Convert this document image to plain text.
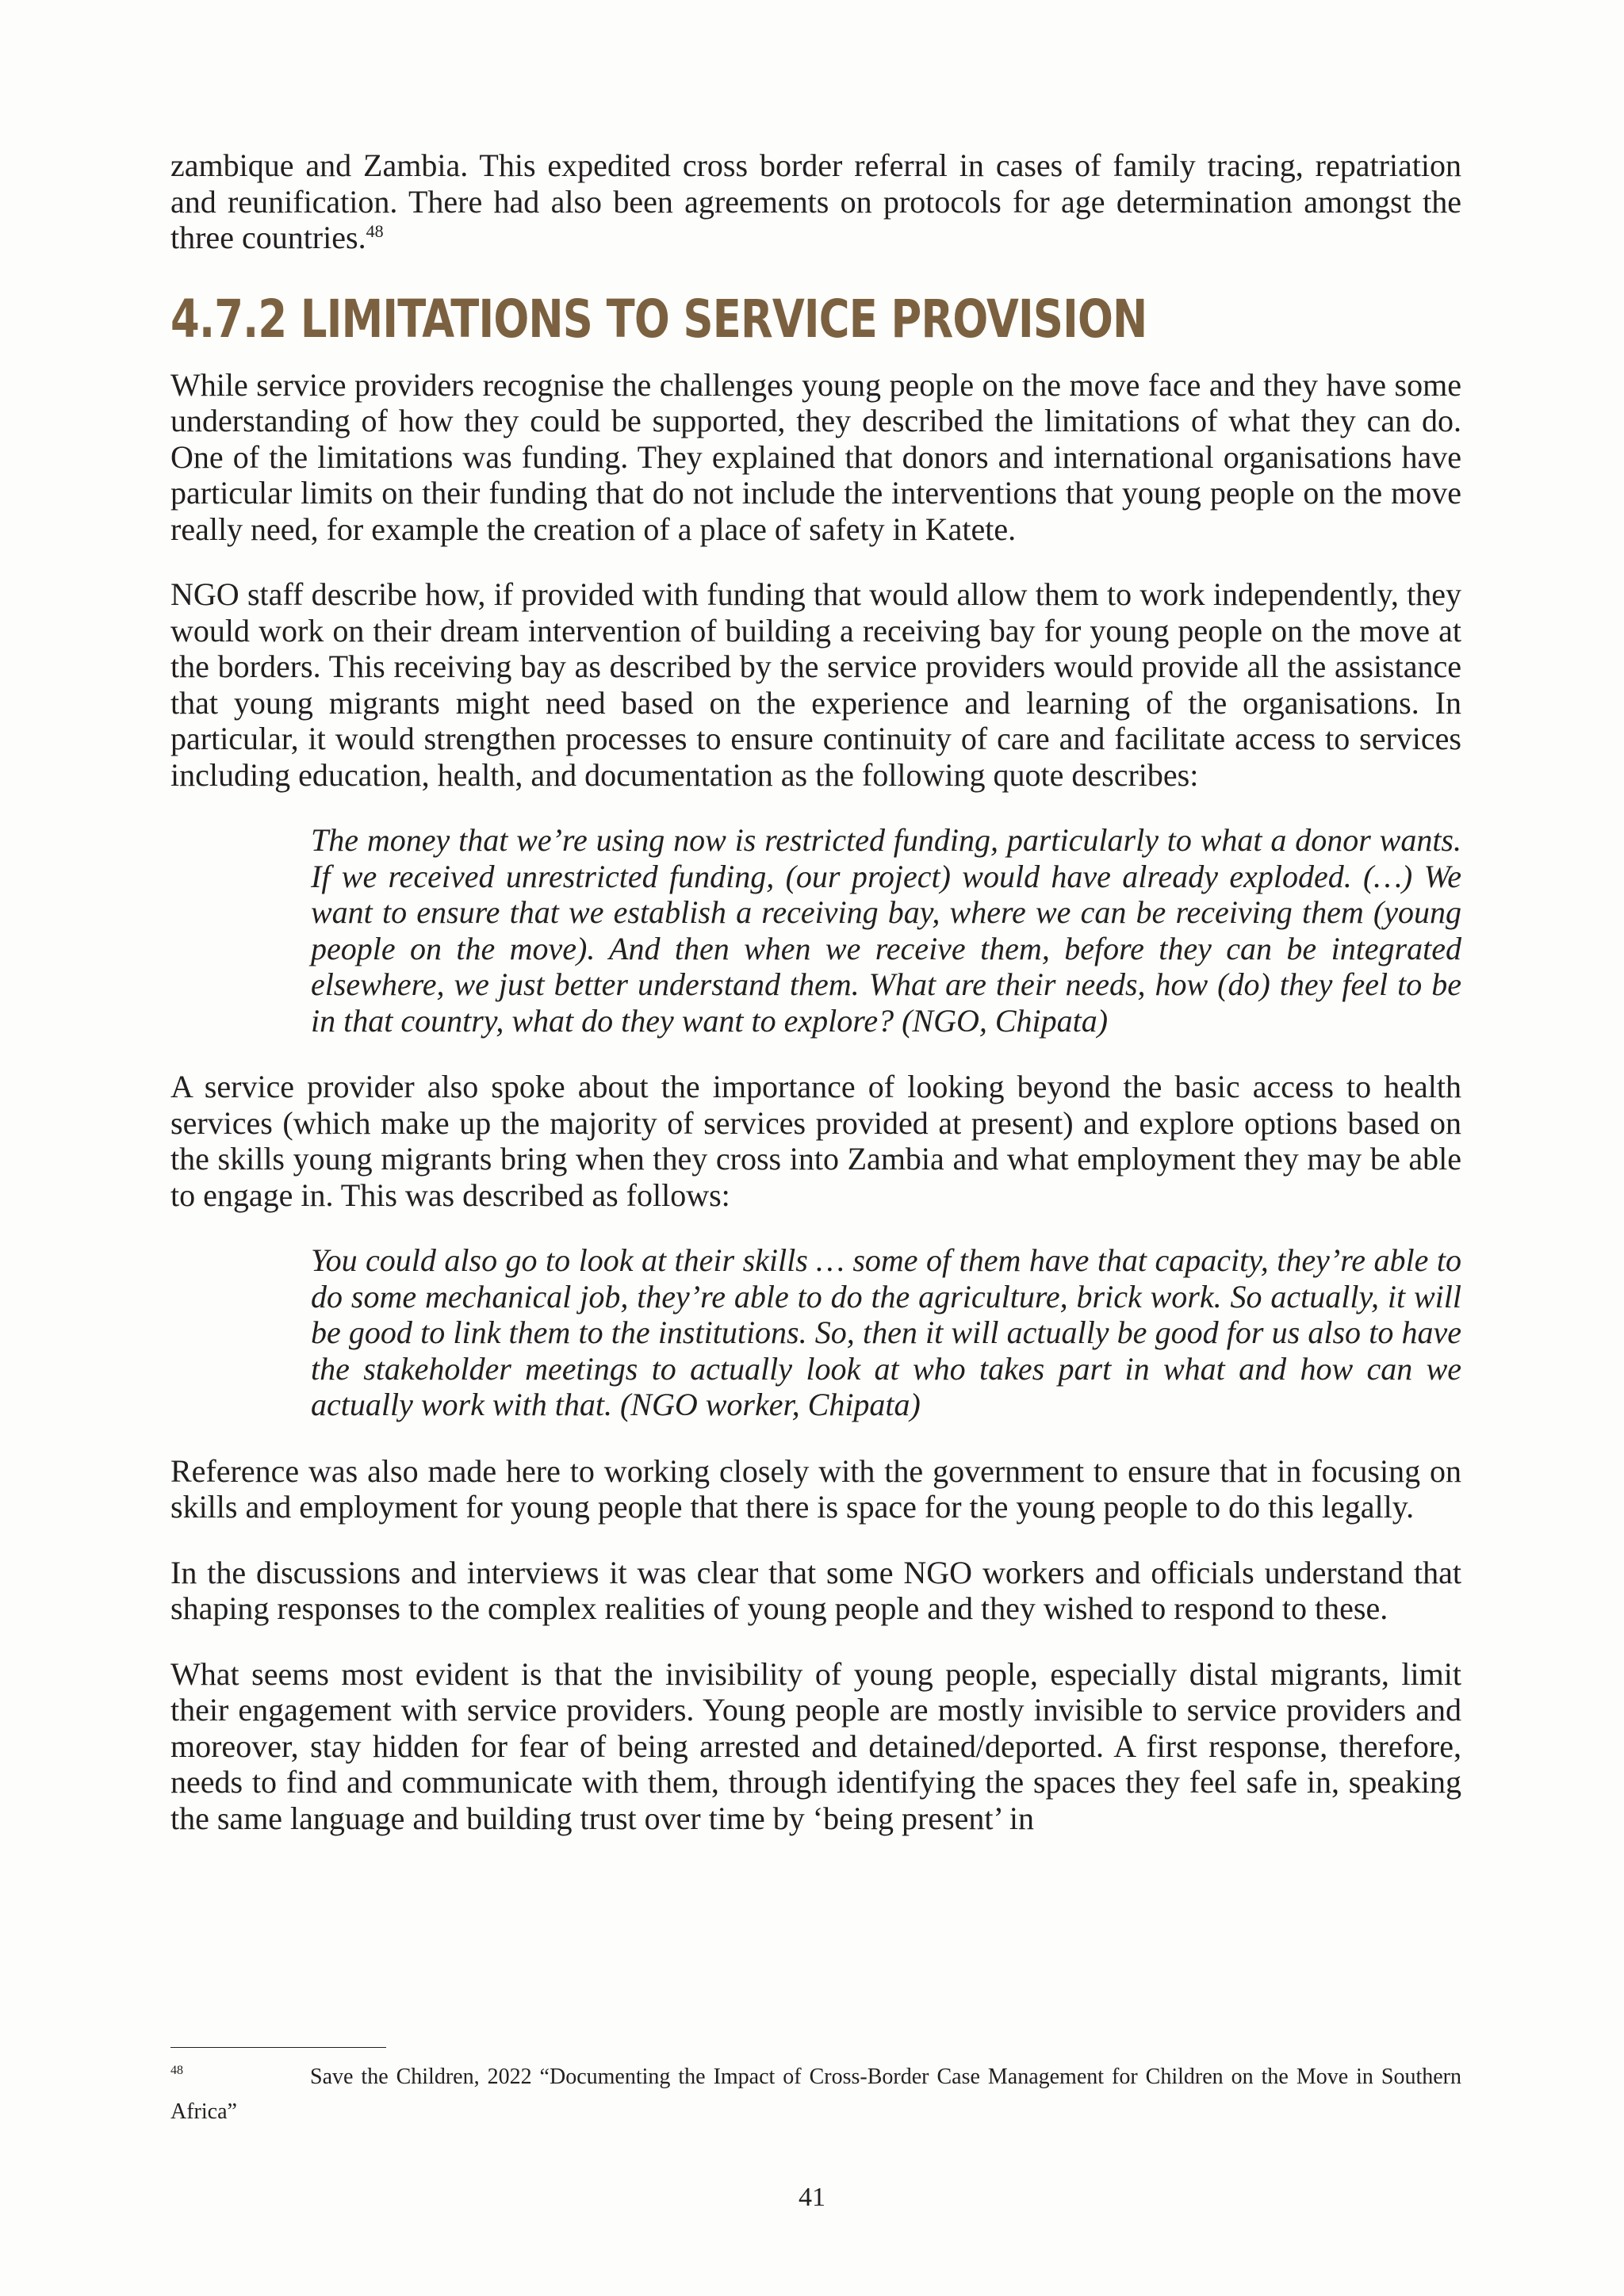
zambique and Zambia. This expedited cross border referral in cases of family tracing, repatriation and reunification. There had also been agreements on protocols for age determination amongst the three countries.$^{48}$

4.7.2 LIMITATIONS TO SERVICE PROVISION

While service providers recognise the challenges young people on the move face and they have some understanding of how they could be supported, they described the limitations of what they can do. One of the limitations was funding. They explained that donors and international organisations have particular limits on their funding that do not include the interventions that young people on the move really need, for example the creation of a place of safety in Katete.

NGO staff describe how, if provided with funding that would allow them to work independently, they would work on their dream intervention of building a receiving bay for young people on the move at the borders. This receiving bay as described by the service providers would provide all the assistance that young migrants might need based on the experience and learning of the organisations. In particular, it would strengthen processes to ensure continuity of care and facilitate access to services including education, health, and documentation as the following quote describes:

The money that we’re using now is restricted funding, particularly to what a donor wants. If we received unrestricted funding, (our project) would have already exploded. (…) We want to ensure that we establish a receiving bay, where we can be receiving them (young people on the move). And then when we receive them, before they can be integrated elsewhere, we just better understand them. What are their needs, how (do) they feel to be in that country, what do they want to explore? (NGO, Chipata)

A service provider also spoke about the importance of looking beyond the basic access to health services (which make up the majority of services provided at present) and explore options based on the skills young migrants bring when they cross into Zambia and what employment they may be able to engage in. This was described as follows:

You could also go to look at their skills … some of them have that capacity, they’re able to do some mechanical job, they’re able to do the agriculture, brick work. So actually, it will be good to link them to the institutions. So, then it will actually be good for us also to have the stakeholder meetings to actually look at who takes part in what and how can we actually work with that. (NGO worker, Chipata)

Reference was also made here to working closely with the government to ensure that in focusing on skills and employment for young people that there is space for the young people to do this legally.

In the discussions and interviews it was clear that some NGO workers and officials understand that shaping responses to the complex realities of young people and they wished to respond to these.

What seems most evident is that the invisibility of young people, especially distal migrants, limit their engagement with service providers. Young people are mostly invisible to service providers and moreover, stay hidden for fear of being arrested and detained/deported. A first response, therefore, needs to find and communicate with them, through identifying the spaces they feel safe in, speaking the same language and building trust over time by ‘being present’ in

48	Save the Children, 2022 “Documenting the Impact of Cross-Border Case Management for Children on the Move in Southern Africa”
41
